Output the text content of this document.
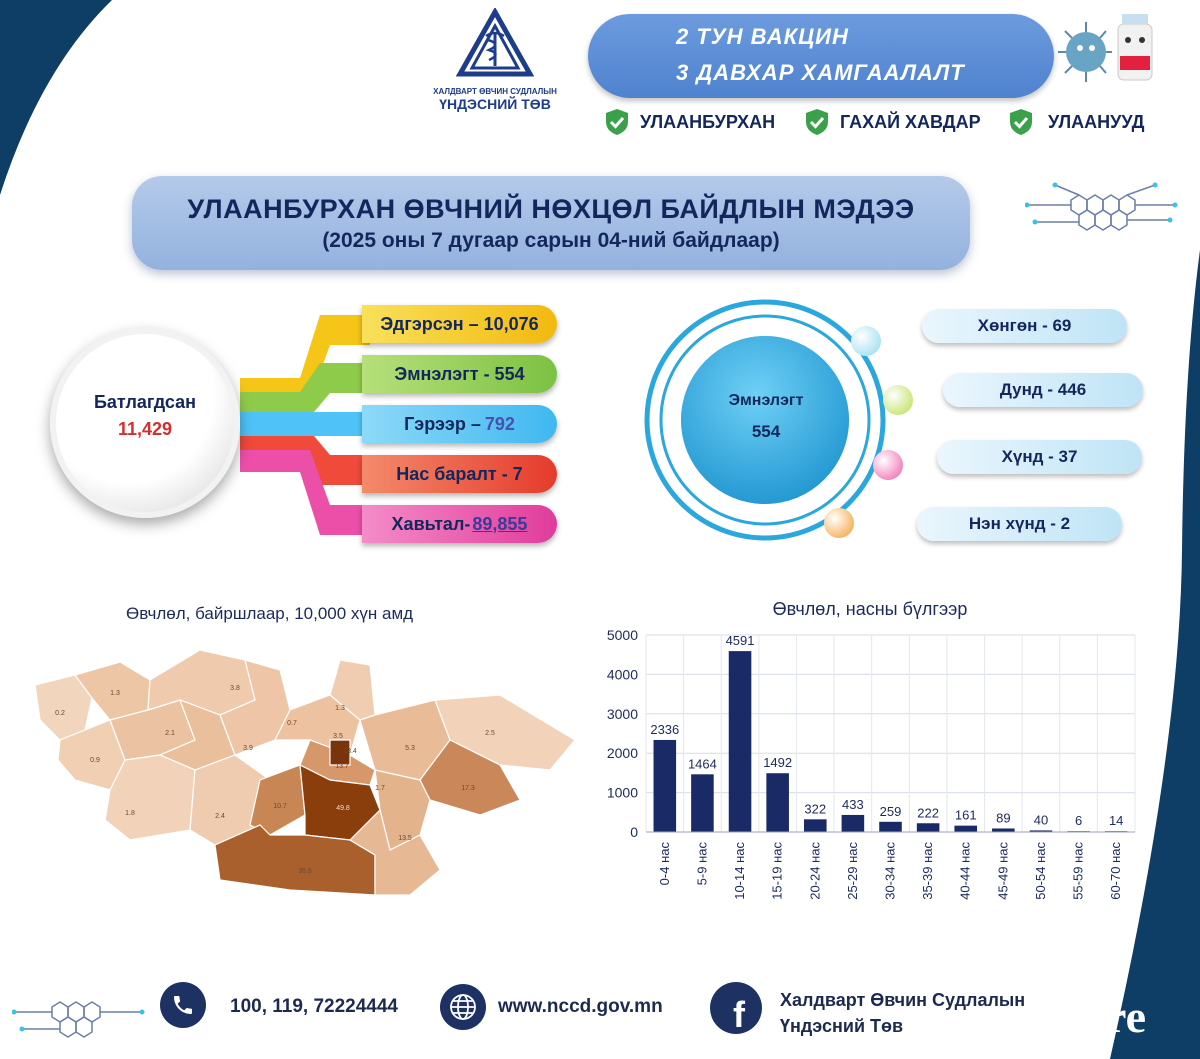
ХАЛДВАРТ ӨВЧИН СУДЛАЛЫН
ҮНДЭСНИЙ ТӨВ
2 ТУН ВАКЦИН
3 ДАВХАР ХАМГААЛАЛТ
УЛААНБУРХАН	ГАХАЙ ХАВДАР	УЛААНУУД
УЛААНБУРХАН ӨВЧНИЙ НӨХЦӨЛ БАЙДЛЫН МЭДЭЭ
(2025 оны 7 дугаар сарын 04-ний байдлаар)
Батлагдсан
11,429
Эдгэрсэн – 10,076
Эмнэлэгт - 554
Гэрээр – 792
Нас баралт - 7
Хавьтал- 89,855
Эмнэлэгт
554
Хөнгөн - 69
Дунд - 446
Хүнд - 37
Нэн хүнд - 2
Өвчлөл, байршлаар, 10,000 хүн амд
0.2
1.3
3.8
2.1
0.9
3.9
0.7
1.3
3.5
13.4
13.7
5.3
2.5
17.3
10.7	49.8
1.7
1.8	2.4
13.5
35.8
Өвчлөл, насны бүлгээр
0
1000
2000
3000
4000
5000
2336
0-4 нас
1464
5-9 нас
4591
10-14 нас
1492
15-19 нас
322
20-24 нас
433
25-29 нас
259
30-34 нас
222
35-39 нас
161
40-44 нас
89
45-49 нас
40
50-54 нас
6
55-59 нас
14
60-70 нас
100, 119, 72224444	www.nccd.gov.mn f Халдварт Өвчин Судлалын
Үндэсний Төв	wire
